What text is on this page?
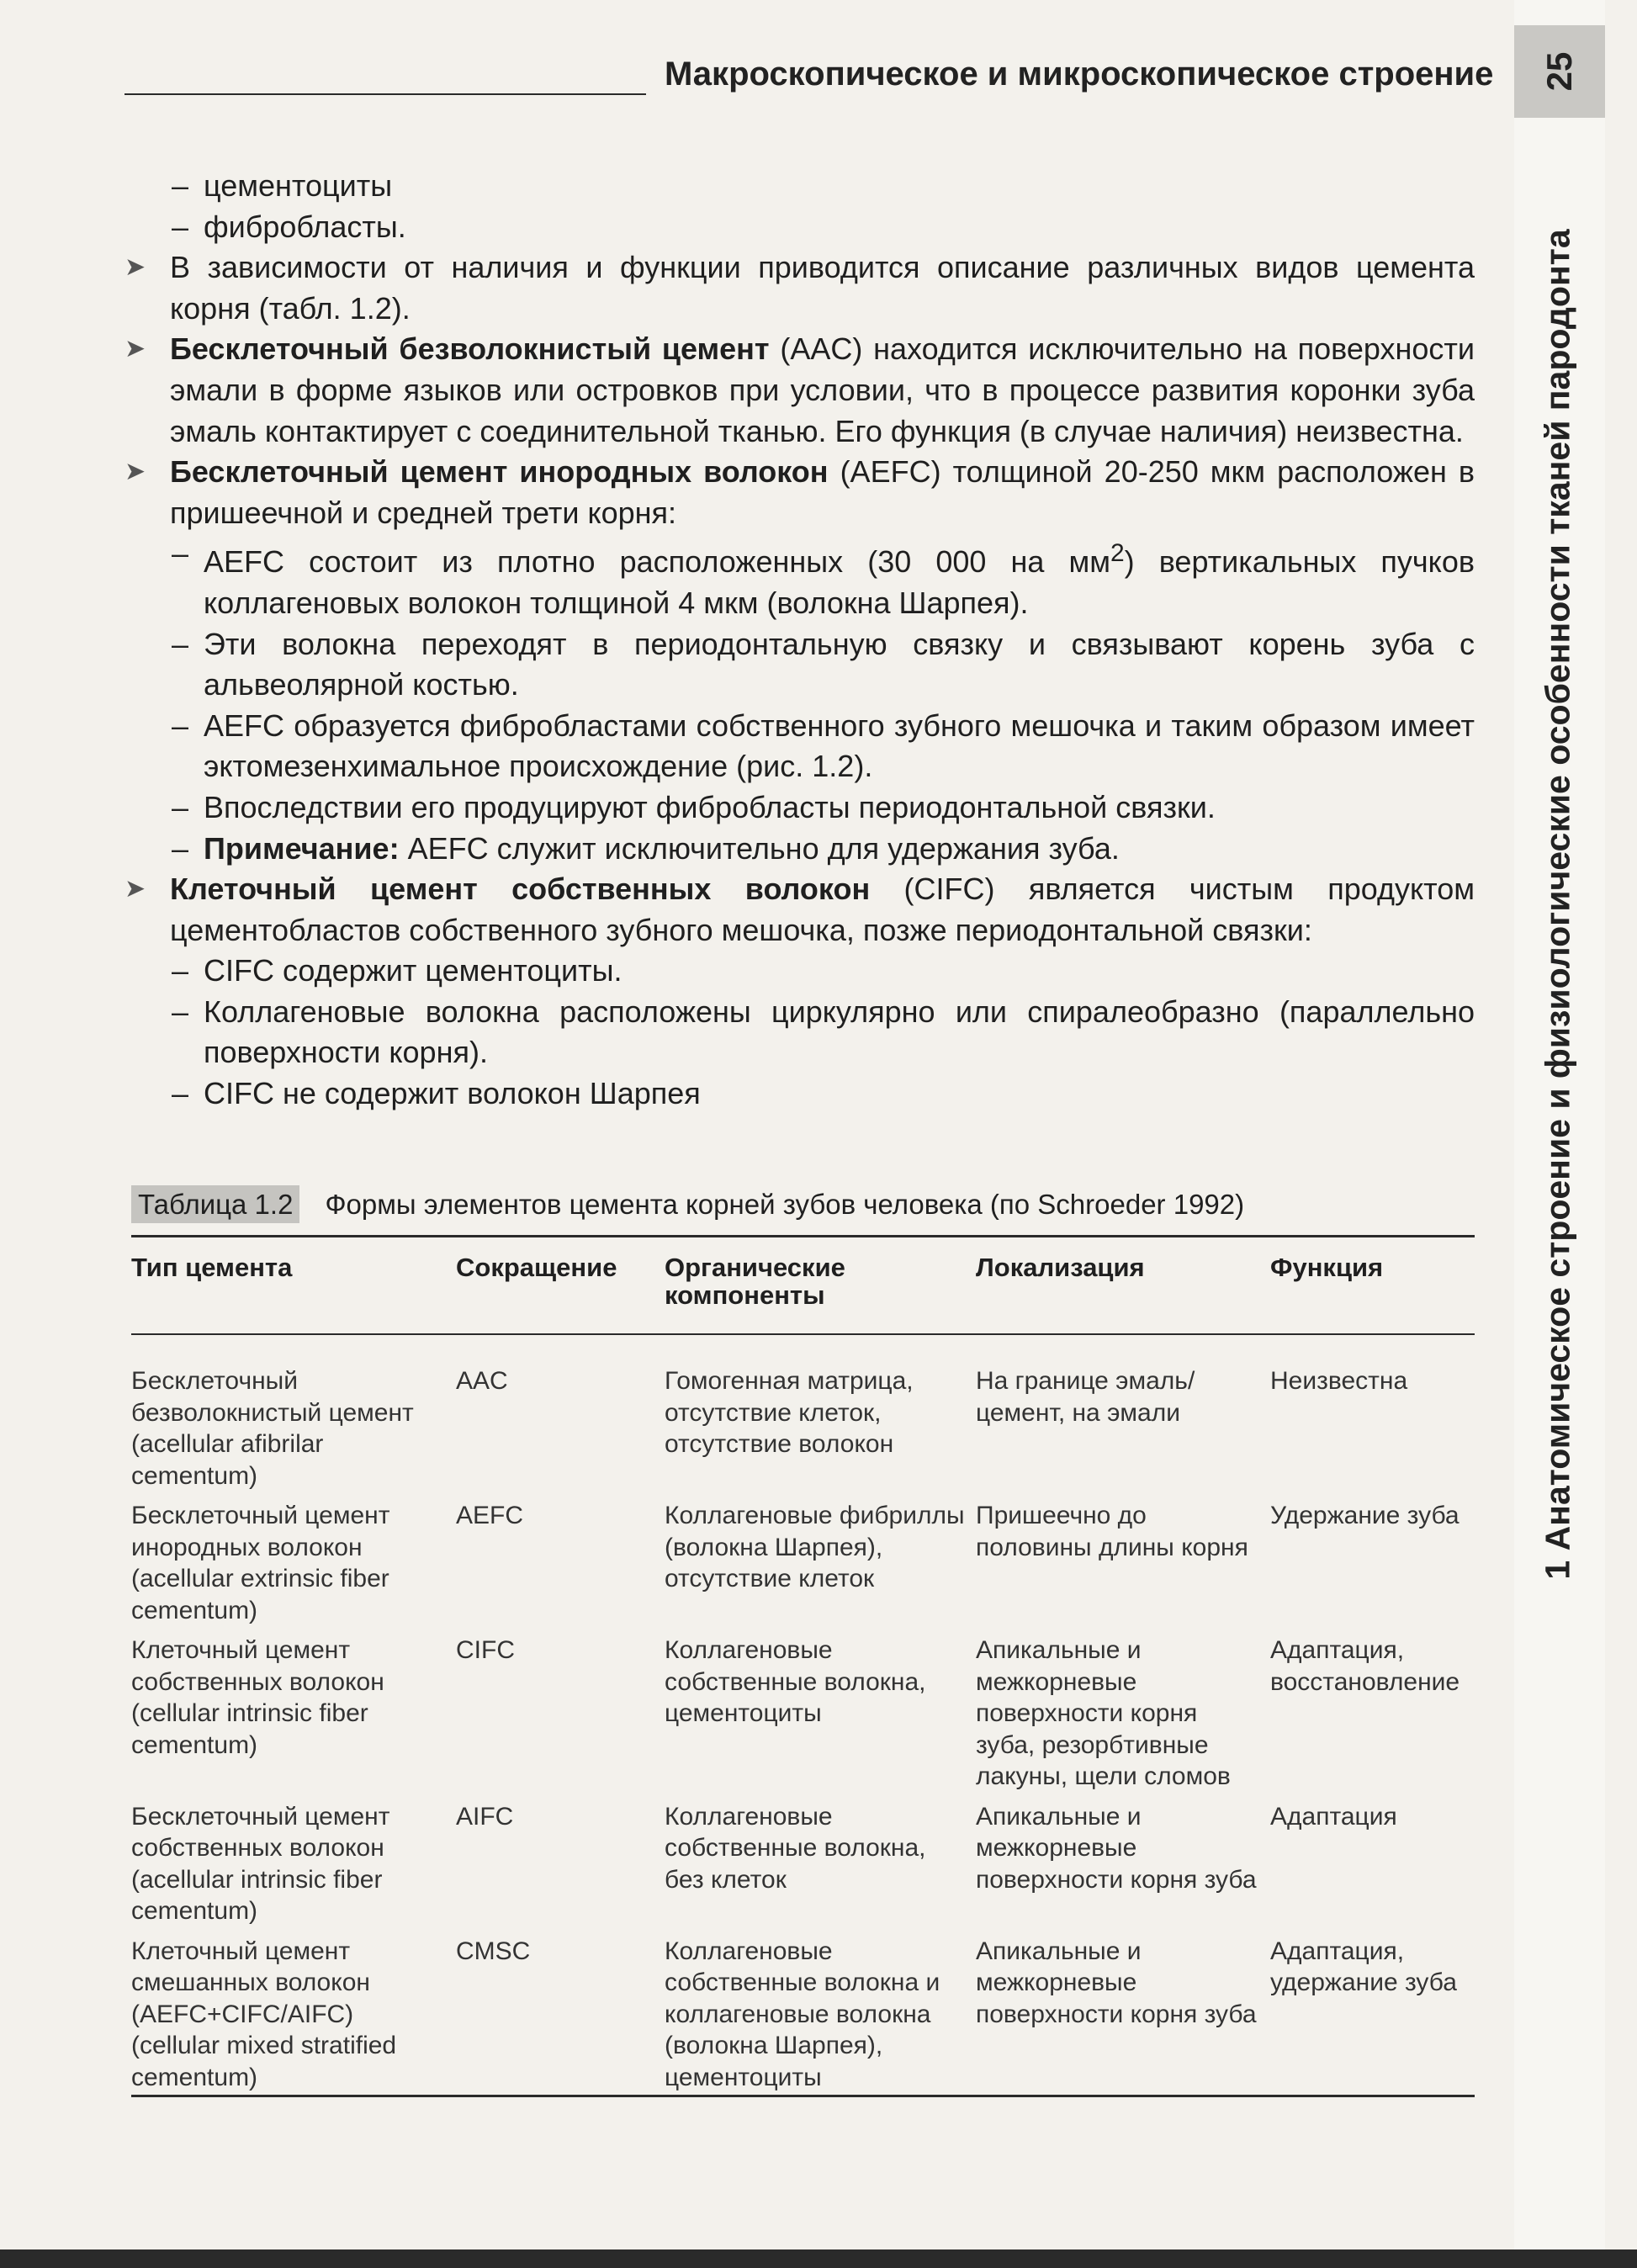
Макроскопическое и микроскопическое строение 25
1 Анатомическое строение и физиологические особенности тканей пародонта
– цементоциты
– фибробласты.
➤ В зависимости от наличия и функции приводится описание различных видов цемента корня (табл. 1.2).
➤ Бесклеточный безволокнистый цемент (AAC) находится исключительно на поверхности эмали в форме языков или островков при условии, что в процессе развития коронки зуба эмаль контактирует с соединительной тканью. Его функция (в случае наличия) неизвестна.
➤ Бесклеточный цемент инородных волокон (AEFC) толщиной 20-250 мкм расположен в пришеечной и средней трети корня:
– AEFC состоит из плотно расположенных (30 000 на $мм^2$) вертикальных пучков коллагеновых волокон толщиной 4 мкм (волокна Шарпея).
– Эти волокна переходят в периодонтальную связку и связывают корень зуба с альвеолярной костью.
– AEFC образуется фибробластами собственного зубного мешочка и таким образом имеет эктомезенхимальное происхождение (рис. 1.2).
– Впоследствии его продуцируют фибробласты периодонтальной связки.
– Примечание: AEFC служит исключительно для удержания зуба.
➤ Клеточный цемент собственных волокон (CIFC) является чистым продуктом цементобластов собственного зубного мешочка, позже периодонтальной связки:
– CIFC содержит цементоциты.
– Коллагеновые волокна расположены циркулярно или спиралеобразно (параллельно поверхности корня).
– CIFC не содержит волокон Шарпея
Таблица 1.2 Формы элементов цемента корней зубов человека (по Schroeder 1992)
Тип цемента	Сокращение	Органические компоненты	Локализация	Функция
Бесклеточный безволокнистый цемент (acellular afibrilar cementum)	AAC	Гомогенная матрица, отсутствие клеток, отсутствие волокон	На границе эмаль/цемент, на эмали	Неизвестна
Бесклеточный цемент инородных волокон (acellular extrinsic fiber cementum)	AEFC	Коллагеновые фибриллы (волокна Шарпея), отсутствие клеток	Пришеечно до половины длины корня	Удержание зуба
Клеточный цемент собственных волокон (cellular intrinsic fiber cementum)	CIFC	Коллагеновые собственные волокна, цементоциты	Апикальные и межкорневые поверхности корня зуба, резорбтивные лакуны, щели сломов	Адаптация, восстановление
Бесклеточный цемент собственных волокон (acellular intrinsic fiber cementum)	AIFC	Коллагеновые собственные волокна, без клеток	Апикальные и межкорневые поверхности корня зуба	Адаптация
Клеточный цемент смешанных волокон (AEFC+CIFC/AIFC) (cellular mixed stratified cementum)	CMSC	Коллагеновые собственные волокна и коллагеновые волокна (волокна Шарпея), цементоциты	Апикальные и межкорневые поверхности корня зуба	Адаптация, удержание зуба
